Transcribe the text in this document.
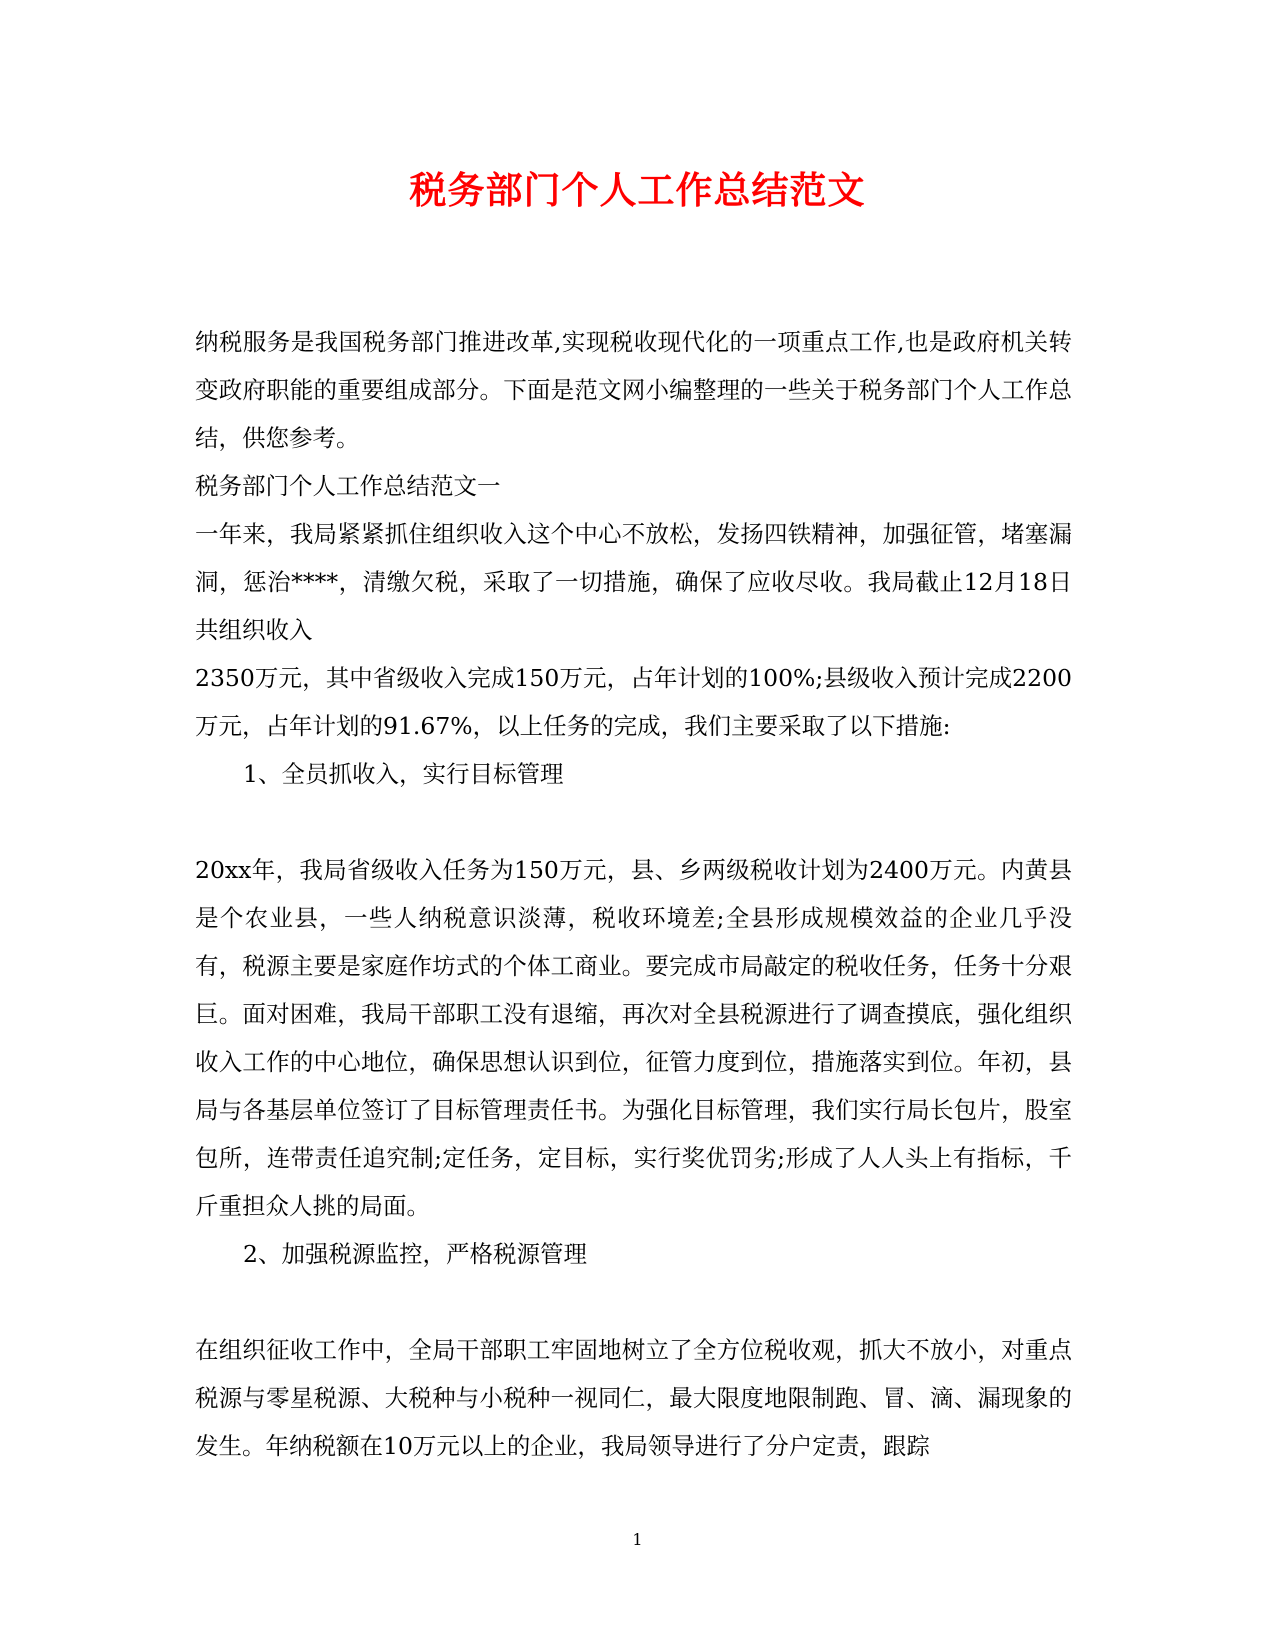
税务部门个人工作总结范文

纳税服务是我国税务部门推进改革,实现税收现代化的一项重点工作,也是政府机关转变政府职能的重要组成部分。下面是范文网小编整理的一些关于税务部门个人工作总结，供您参考。

税务部门个人工作总结范文一

一年来，我局紧紧抓住组织收入这个中心不放松，发扬四铁精神，加强征管，堵塞漏洞，惩治****，清缴欠税，采取了一切措施，确保了应收尽收。我局截止12月18日共组织收入

2350万元，其中省级收入完成150万元，占年计划的100%;县级收入预计完成2200万元，占年计划的91.67%，以上任务的完成，我们主要采取了以下措施:

1、全员抓收入，实行目标管理

20xx年，我局省级收入任务为150万元，县、乡两级税收计划为2400万元。内黄县是个农业县，一些人纳税意识淡薄，税收环境差;全县形成规模效益的企业几乎没有，税源主要是家庭作坊式的个体工商业。要完成市局敲定的税收任务，任务十分艰巨。面对困难，我局干部职工没有退缩，再次对全县税源进行了调查摸底，强化组织收入工作的中心地位，确保思想认识到位，征管力度到位，措施落实到位。年初，县局与各基层单位签订了目标管理责任书。为强化目标管理，我们实行局长包片，股室包所，连带责任追究制;定任务，定目标，实行奖优罚劣;形成了人人头上有指标，千斤重担众人挑的局面。

2、加强税源监控，严格税源管理

在组织征收工作中，全局干部职工牢固地树立了全方位税收观，抓大不放小，对重点税源与零星税源、大税种与小税种一视同仁，最大限度地限制跑、冒、滴、漏现象的发生。年纳税额在10万元以上的企业，我局领导进行了分户定责，跟踪

1
